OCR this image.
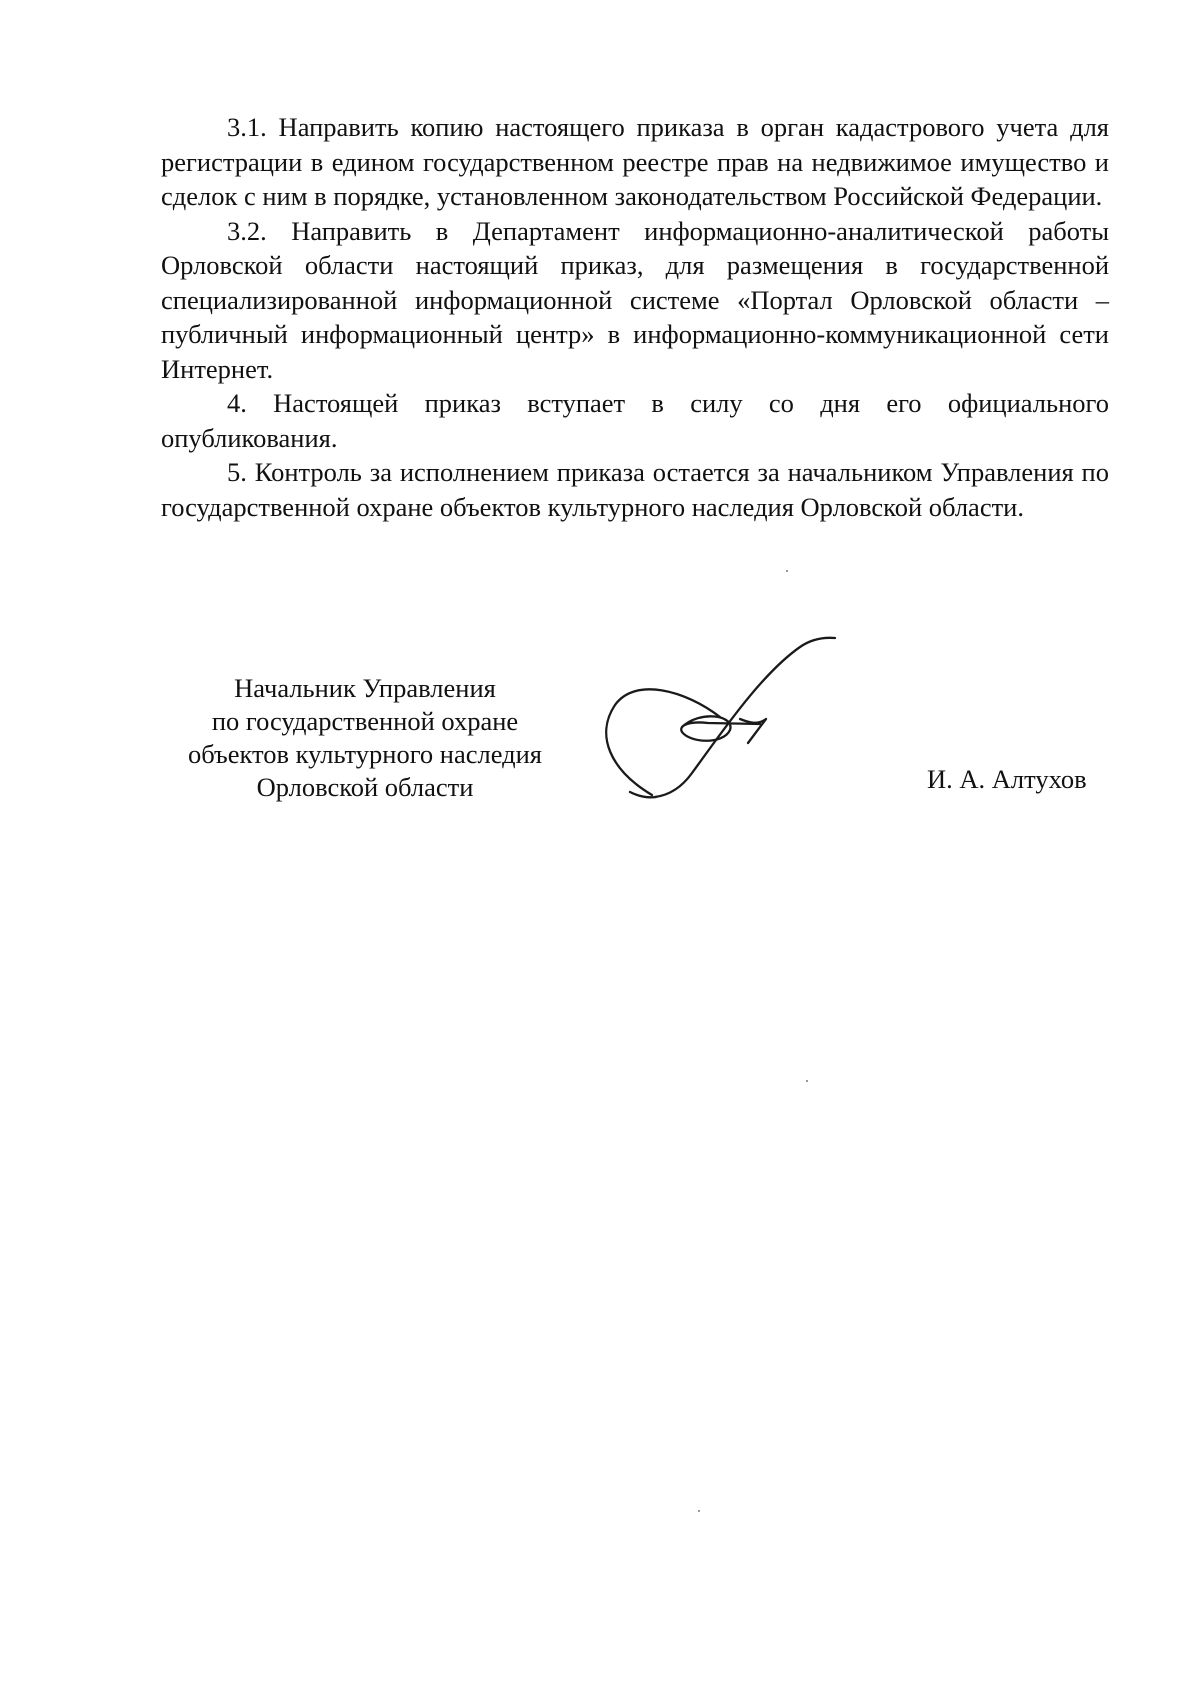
3.1. Направить копию настоящего приказа в орган кадастрового учета для регистрации в едином государственном реестре прав на недвижимое имущество и сделок с ним в порядке, установленном законодательством Российской Федерации.

3.2. Направить в Департамент информационно-аналитической работы Орловской области настоящий приказ, для размещения в государственной специализированной информационной системе «Портал Орловской области – публичный информационный центр» в информационно-коммуникационной сети Интернет.

4. Настоящей приказ вступает в силу со дня его официального опубликования.

5. Контроль за исполнением приказа остается за начальником Управления по государственной охране объектов культурного наследия Орловской области.

Начальник Управления
по государственной охране
объектов культурного наследия
Орловской области	И. А. Алтухов
